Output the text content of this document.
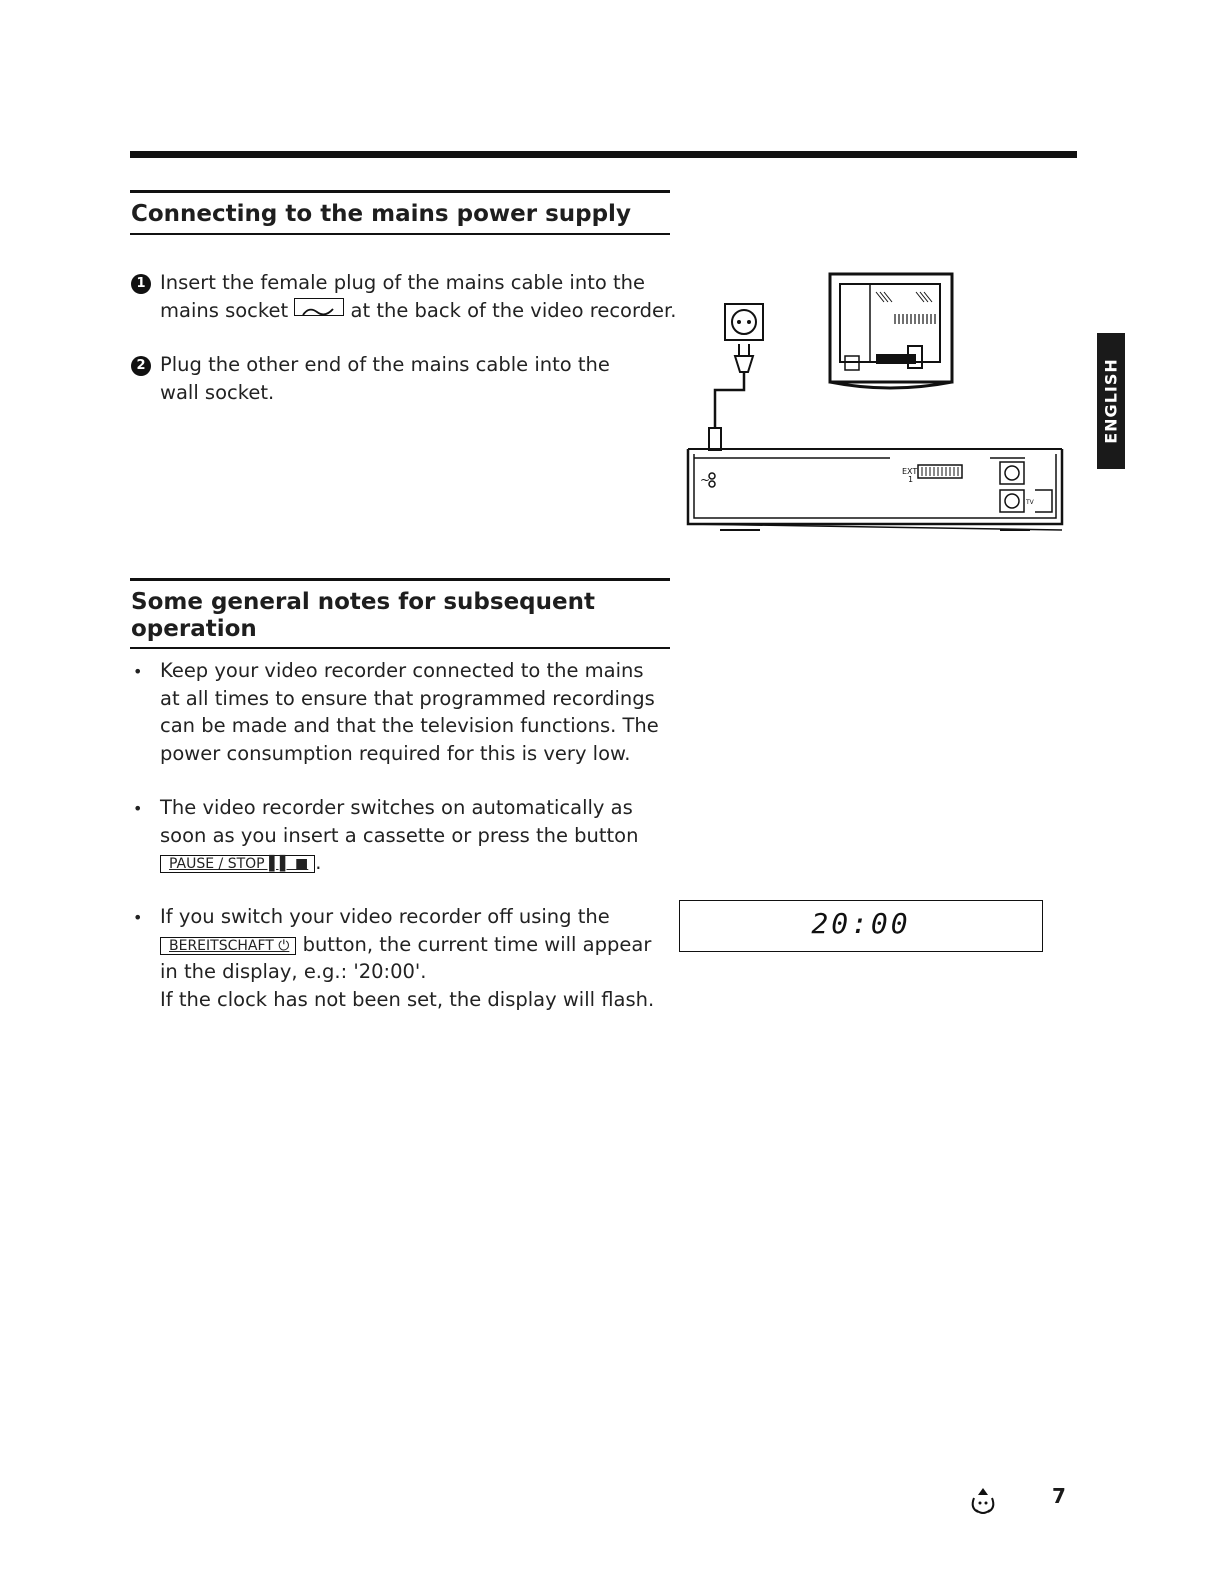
Connecting to the mains power supply
1 Insert the female plug of the mains cable into the mains socket	at the back of the video recorder.
2 Plug the other end of the mains cable into the wall socket.
~
EXT
1
TV
Some general notes for subsequent operation
• Keep your video recorder connected to the mains at all times to ensure that programmed recordings can be made and that the television functions. The power consumption required for this is very low.
• The video recorder switches on automatically as soon as you insert a cassette or press the button
PAUSE / STOP ▌▌ ■ .
• If you switch your video recorder off using the BEREITSCHAFT ⏻ button, the current time will appear in the display, e.g.: '20:00'.
If the clock has not been set, the display will flash.
20:00
ENGLISH
7
